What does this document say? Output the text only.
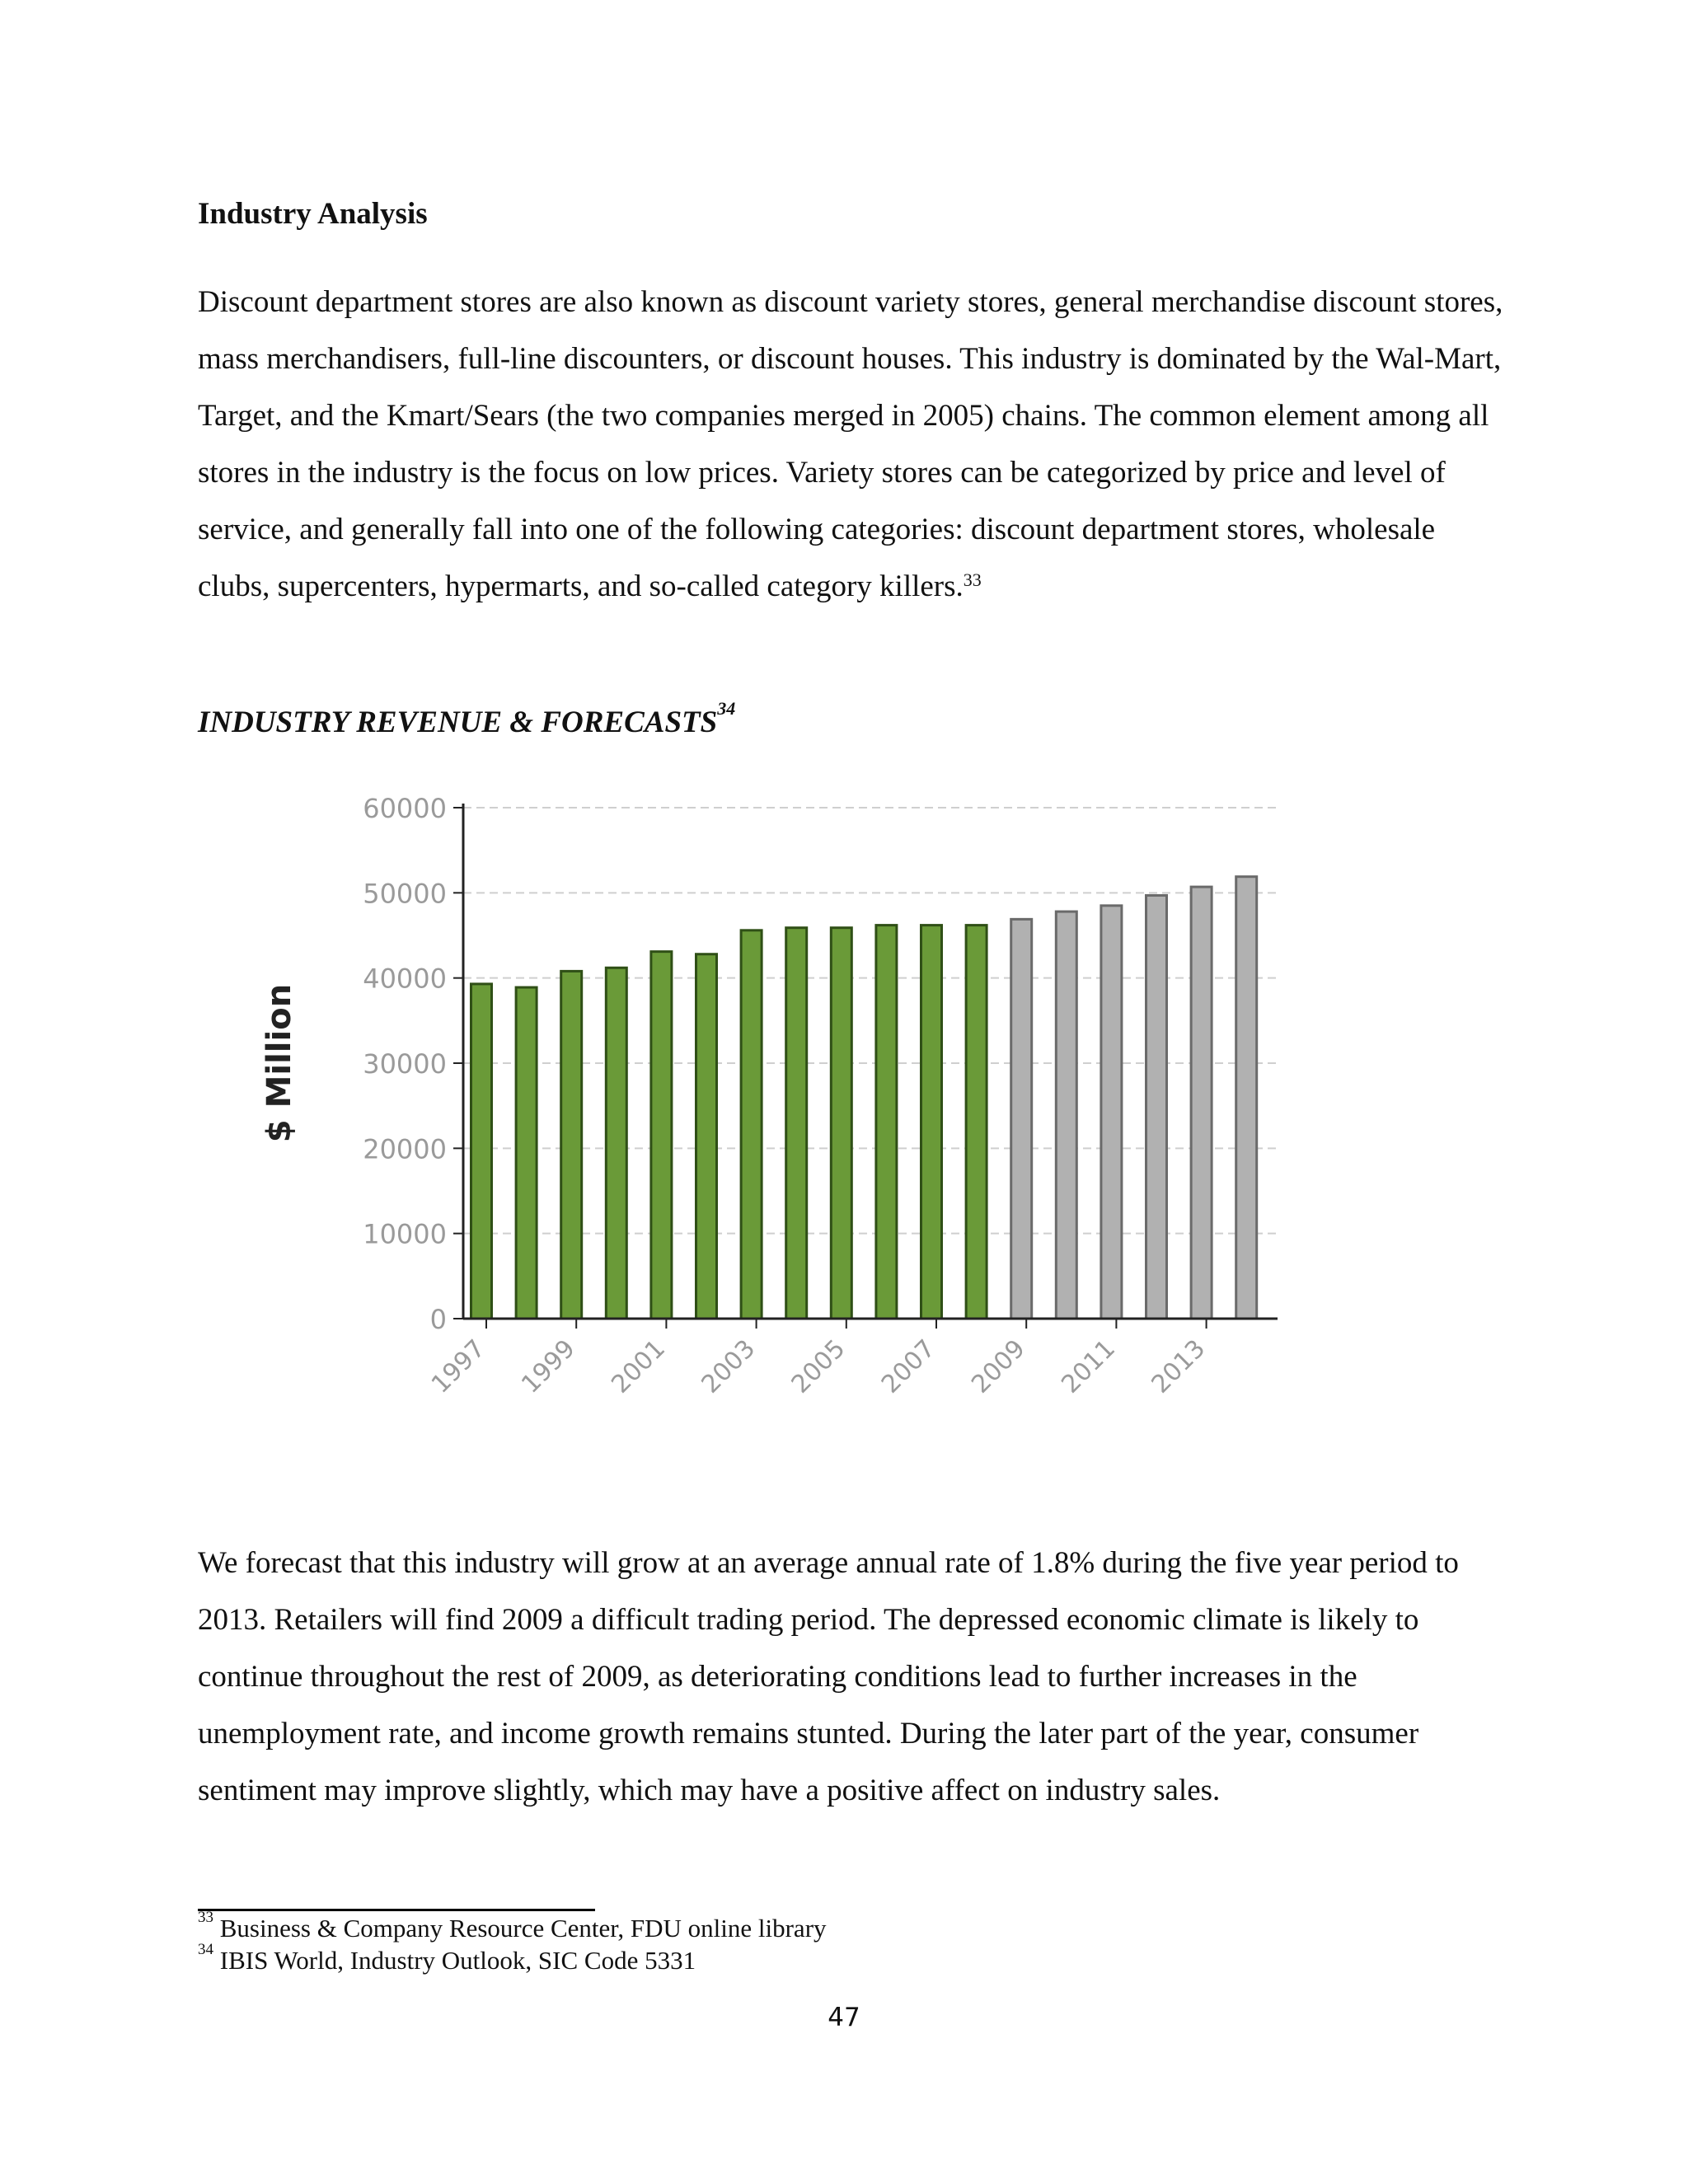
Industry Analysis

Discount department stores are also known as discount variety stores, general merchandise discount stores, mass merchandisers, full-line discounters, or discount houses. This industry is dominated by the Wal-Mart, Target, and the Kmart/Sears (the two companies merged in 2005) chains. The common element among all stores in the industry is the focus on low prices. Variety stores can be categorized by price and level of service, and generally fall into one of the following categories: discount department stores, wholesale clubs, supercenters, hypermarts, and so-called category killers.$^{33}$

INDUSTRY REVENUE & FORECASTS$^{34}$

0
10000
20000
30000
40000
50000
60000
1997 1999 2001 2003 2005 2007 2009 2011 2013
$ Million

We forecast that this industry will grow at an average annual rate of 1.8% during the five year period to 2013. Retailers will find 2009 a difficult trading period. The depressed economic climate is likely to continue throughout the rest of 2009, as deteriorating conditions lead to further increases in the unemployment rate, and income growth remains stunted. During the later part of the year, consumer sentiment may improve slightly, which may have a positive affect on industry sales.

$^{33}$ Business & Company Resource Center, FDU online library

$^{34}$ IBIS World, Industry Outlook, SIC Code 5331

47
